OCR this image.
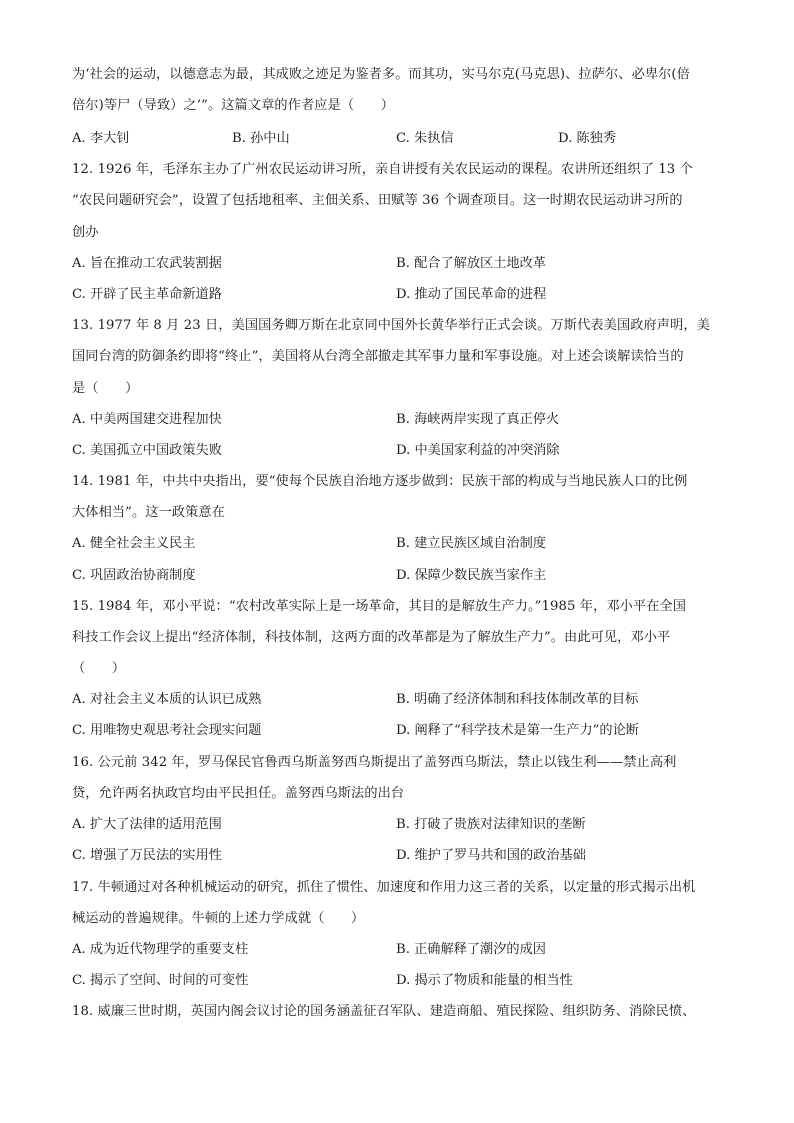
为‘社会的运动，以德意志为最，其成败之迹足为鉴者多。而其功，实马尔克(马克思)、拉萨尔、必卑尔(倍
倍尔)等尸（导致）之’”。这篇文章的作者应是（　　）
A. 李大钊	B. 孙中山	C. 朱执信	D. 陈独秀
12. 1926 年，毛泽东主办了广州农民运动讲习所，亲自讲授有关农民运动的课程。农讲所还组织了 13 个
“农民问题研究会”，设置了包括地租率、主佃关系、田赋等 36 个调查项目。这一时期农民运动讲习所的
创办
A. 旨在推动工农武装割据	B. 配合了解放区土地改革
C. 开辟了民主革命新道路	D. 推动了国民革命的进程
13. 1977 年 8 月 23 日，美国国务卿万斯在北京同中国外长黄华举行正式会谈。万斯代表美国政府声明，美
国同台湾的防御条约即将“终止”，美国将从台湾全部撤走其军事力量和军事设施。对上述会谈解读恰当的
是（　　）
A. 中美两国建交进程加快	B. 海峡两岸实现了真正停火
C. 美国孤立中国政策失败	D. 中美国家利益的冲突消除
14. 1981 年，中共中央指出，要“使每个民族自治地方逐步做到：民族干部的构成与当地民族人口的比例
大体相当”。这一政策意在
A. 健全社会主义民主	B. 建立民族区域自治制度
C. 巩固政治协商制度	D. 保障少数民族当家作主
15. 1984 年，邓小平说：“农村改革实际上是一场革命，其目的是解放生产力。”1985 年，邓小平在全国
科技工作会议上提出“经济体制，科技体制，这两方面的改革都是为了解放生产力”。由此可见，邓小平
（　　）
A. 对社会主义本质的认识已成熟	B. 明确了经济体制和科技体制改革的目标
C. 用唯物史观思考社会现实问题	D. 阐释了“科学技术是第一生产力”的论断
16. 公元前 342 年，罗马保民官鲁西乌斯盖努西乌斯提出了盖努西乌斯法，禁止以钱生利——禁止高利
贷，允许两名执政官均由平民担任。盖努西乌斯法的出台
A. 扩大了法律的适用范围	B. 打破了贵族对法律知识的垄断
C. 增强了万民法的实用性	D. 维护了罗马共和国的政治基础
17. 牛顿通过对各种机械运动的研究，抓住了惯性、加速度和作用力这三者的关系，以定量的形式揭示出机
械运动的普遍规律。牛顿的上述力学成就（　　）
A. 成为近代物理学的重要支柱	B. 正确解释了潮汐的成因
C. 揭示了空间、时间的可变性	D. 揭示了物质和能量的相当性
18. 威廉三世时期，英国内阁会议讨论的国务涵盖征召军队、建造商船、殖民探险、组织防务、消除民愤、
